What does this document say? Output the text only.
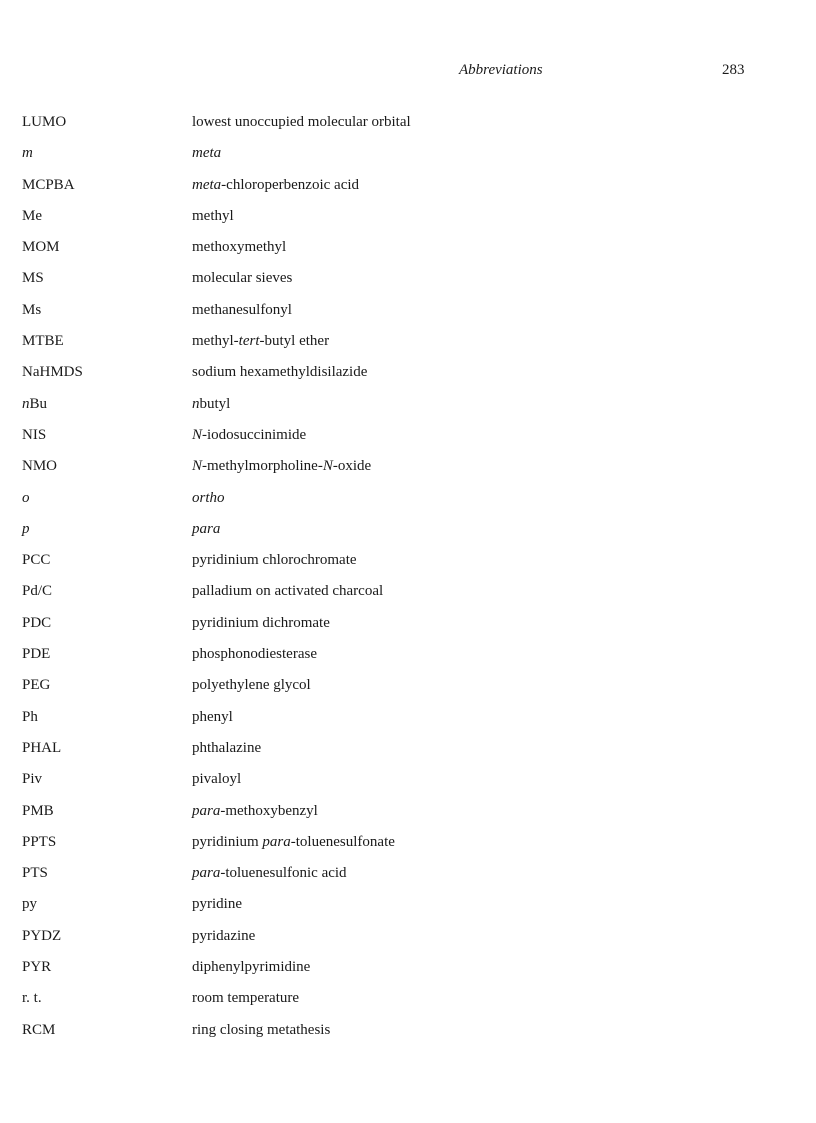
Abbreviations	283
LUMO	lowest unoccupied molecular orbital
m	meta
MCPBA	meta-chloroperbenzoic acid
Me	methyl
MOM	methoxymethyl
MS	molecular sieves
Ms	methanesulfonyl
MTBE	methyl-tert-butyl ether
NaHMDS	sodium hexamethyldisilazide
nBu	nbutyl
NIS	N-iodosuccinimide
NMO	N-methylmorpholine-N-oxide
o	ortho
p	para
PCC	pyridinium chlorochromate
Pd/C	palladium on activated charcoal
PDC	pyridinium dichromate
PDE	phosphonodiesterase
PEG	polyethylene glycol
Ph	phenyl
PHAL	phthalazine
Piv	pivaloyl
PMB	para-methoxybenzyl
PPTS	pyridinium para-toluenesulfonate
PTS	para-toluenesulfonic acid
py	pyridine
PYDZ	pyridazine
PYR	diphenylpyrimidine
r. t.	room temperature
RCM	ring closing metathesis
